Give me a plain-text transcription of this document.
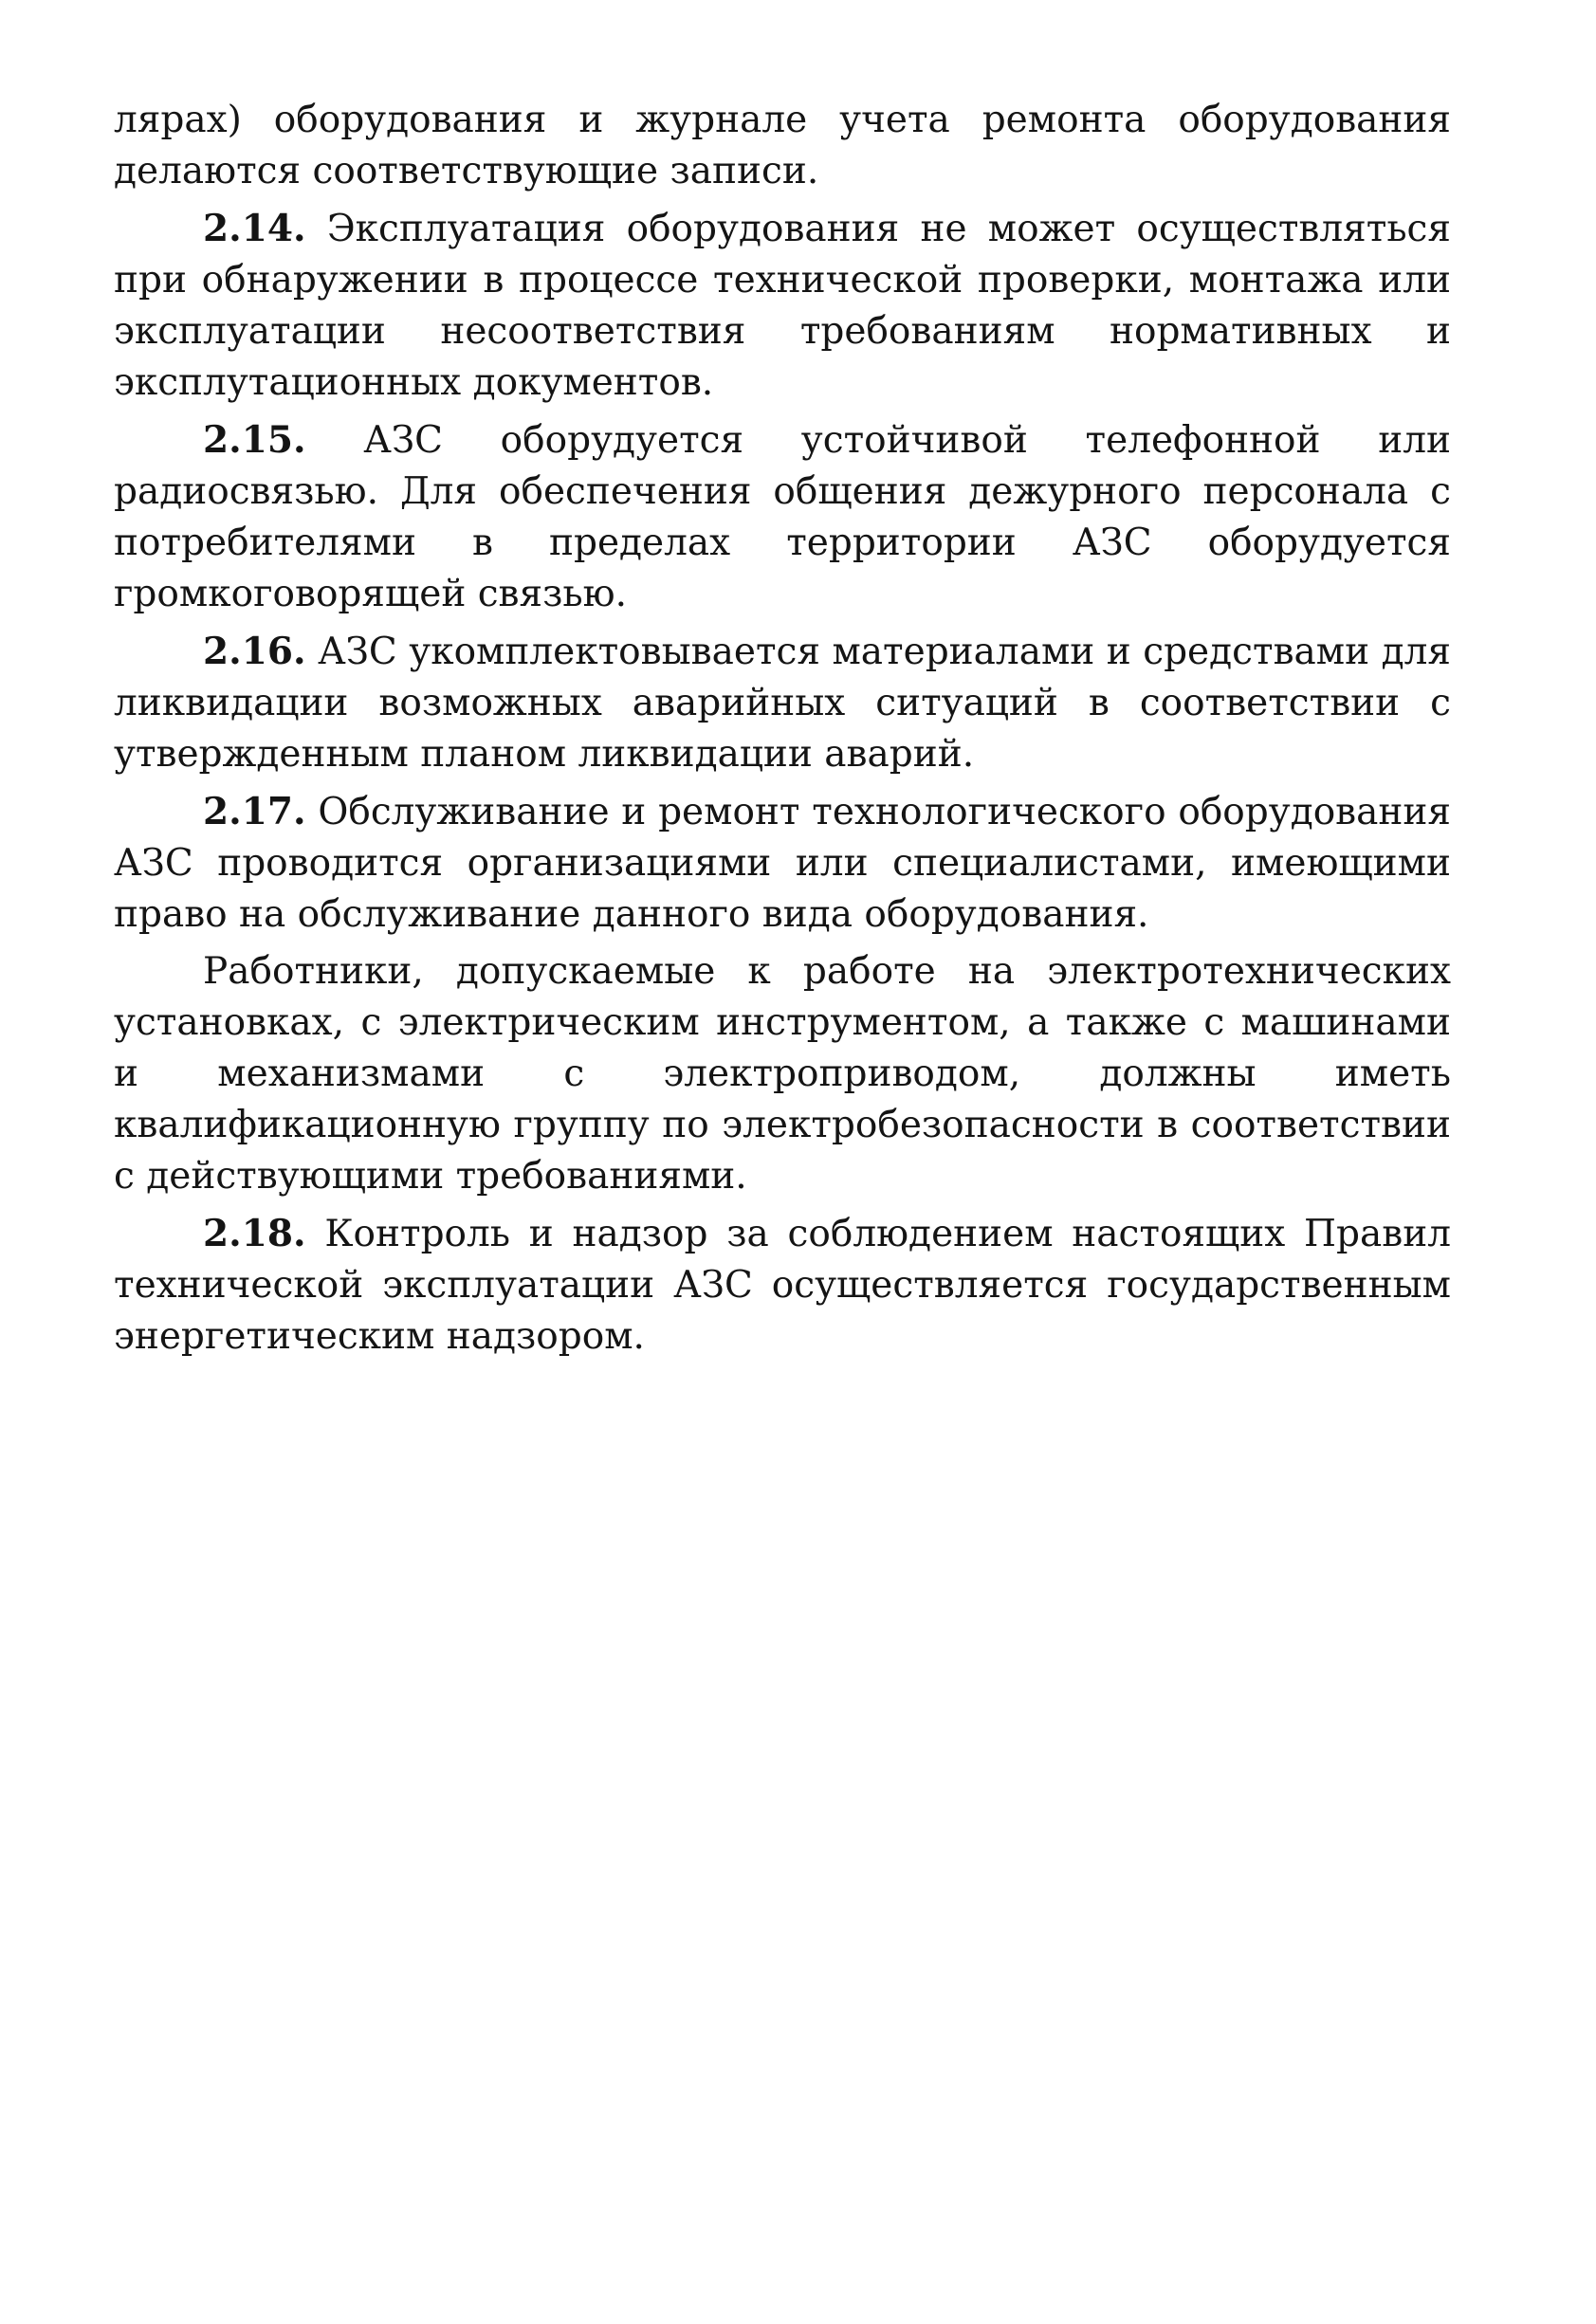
лярах) оборудования и журнале учета ремонта оборудования делаются соответствующие записи.

2.14. Эксплуатация оборудования не может осуществляться при обнаружении в процессе технической проверки, монтажа или эксплуатации несоответствия требованиям нормативных и эксплутационных документов.

2.15. АЗС оборудуется устойчивой телефонной или радиосвязью. Для обеспечения общения дежурного персонала с потребителями в пределах территории АЗС оборудуется громкоговорящей связью.

2.16. АЗС укомплектовывается материалами и средствами для ликвидации возможных аварийных ситуаций в соответствии с утвержденным планом ликвидации аварий.

2.17. Обслуживание и ремонт технологического оборудования АЗС проводится организациями или специалистами, имеющими право на обслуживание данного вида оборудования.

Работники, допускаемые к работе на электротехнических установках, с электрическим инструментом, а также с машинами и механизмами с электроприводом, должны иметь квалификационную группу по электробезопасности в соответствии с действующими требованиями.

2.18. Контроль и надзор за соблюдением настоящих Правил технической эксплуатации АЗС осуществляется государственным энергетическим надзором.
